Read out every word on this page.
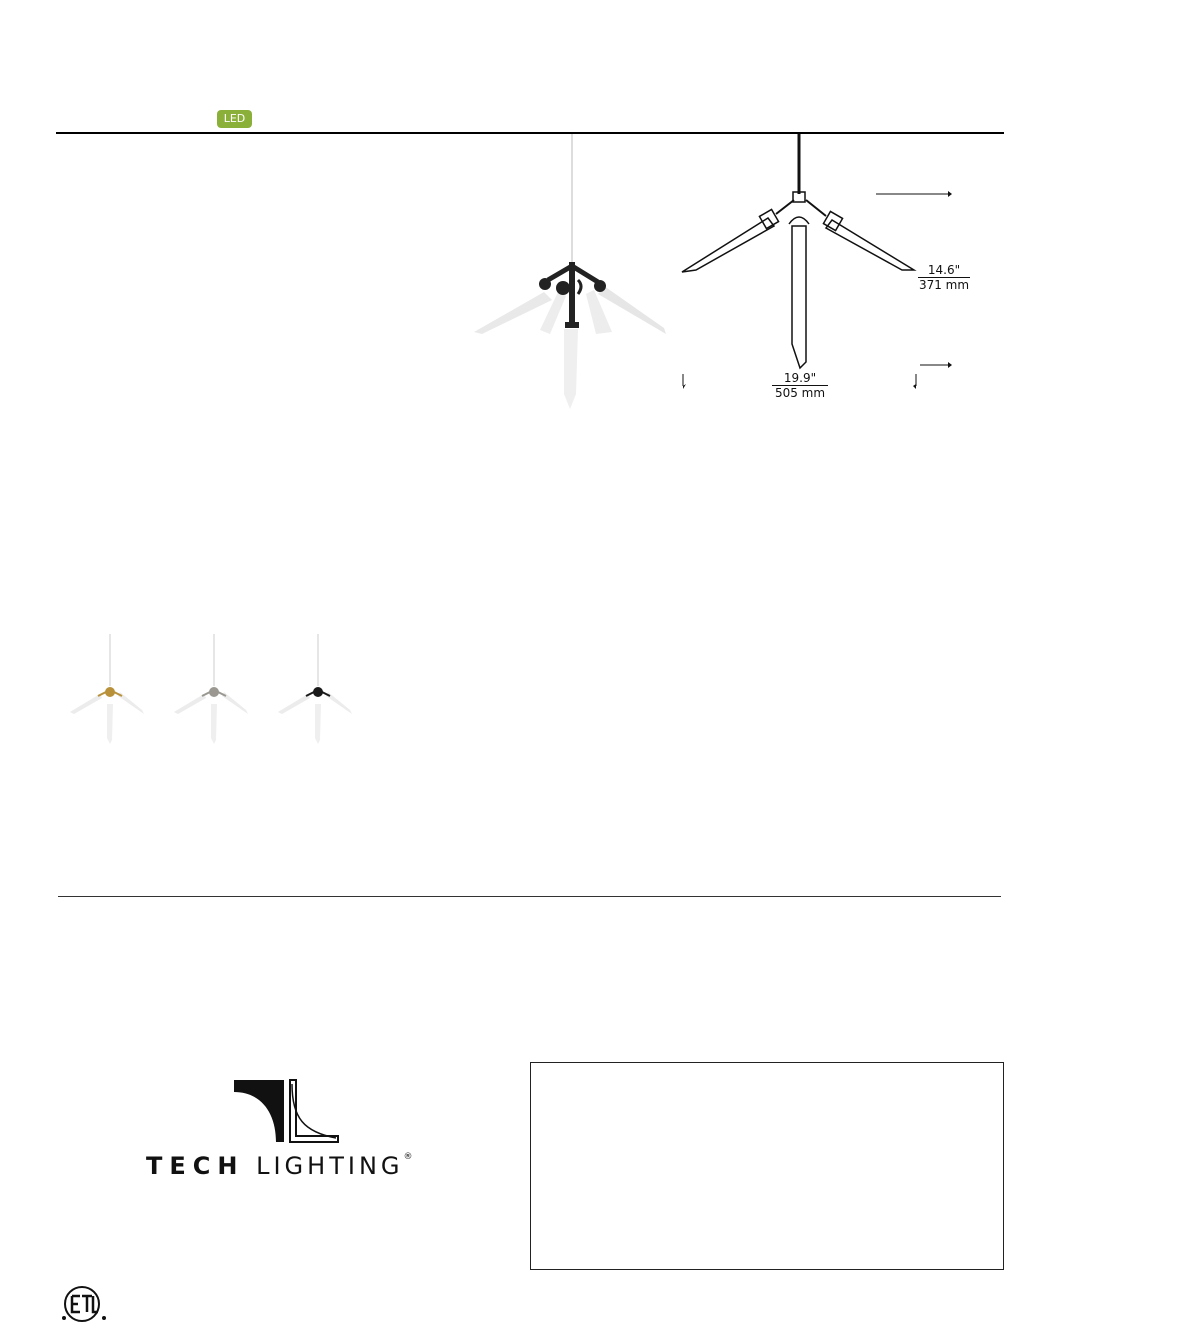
LED
14.6"
371 mm
19.9"
505 mm
TECH LIGHTING®
